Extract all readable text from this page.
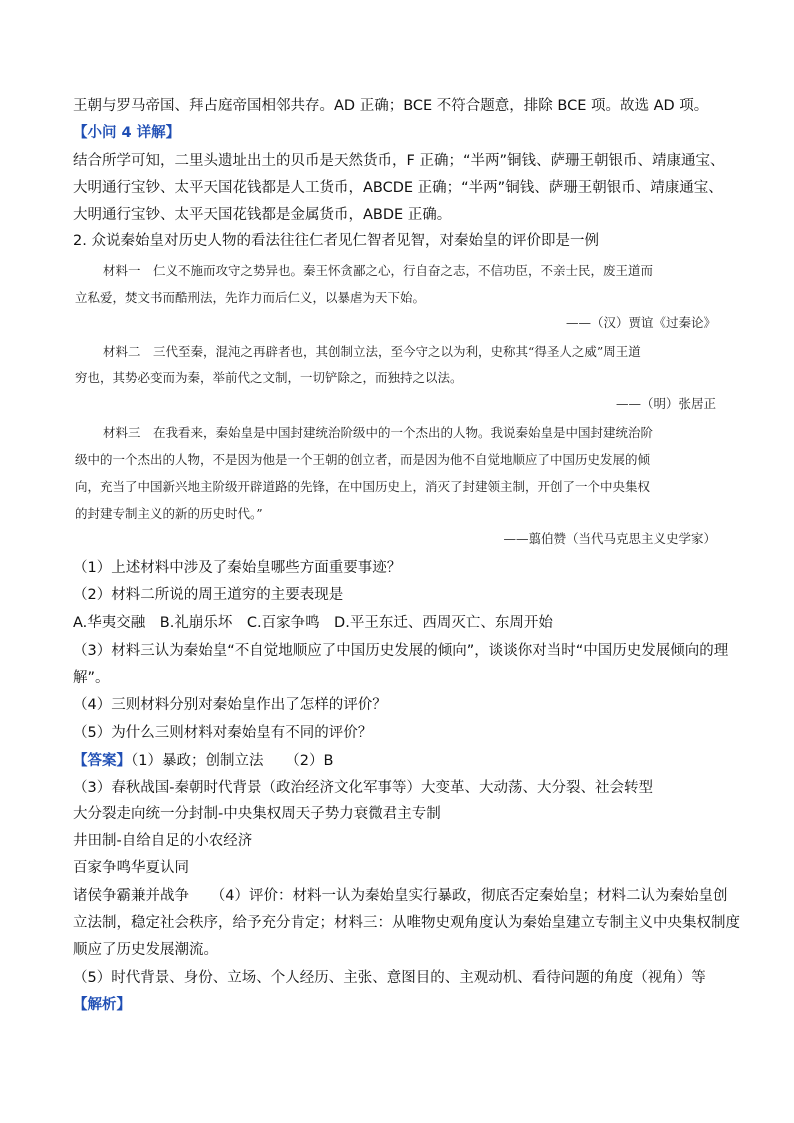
王朝与罗马帝国、拜占庭帝国相邻共存。AD 正确；BCE 不符合题意，排除 BCE 项。故选 AD 项。
【小问 4 详解】
结合所学可知，二里头遗址出土的贝币是天然货币，F 正确；“半两”铜钱、萨珊王朝银币、靖康通宝、
大明通行宝钞、太平天国花钱都是人工货币，ABCDE 正确；“半两”铜钱、萨珊王朝银币、靖康通宝、
大明通行宝钞、太平天国花钱都是金属货币，ABDE 正确。
2. 众说秦始皇对历史人物的看法往往仁者见仁智者见智，对秦始皇的评价即是一例
材料一　仁义不施而攻守之势异也。秦王怀贪鄙之心，行自奋之志，不信功臣，不亲士民，废王道而
立私爱，焚文书而酷刑法，先诈力而后仁义，以暴虐为天下始。
——（汉）贾谊《过秦论》
材料二　三代至秦，混沌之再辟者也，其创制立法，至今守之以为利，史称其“得圣人之威”周王道
穷也，其势必变而为秦，举前代之文制，一切铲除之，而独持之以法。
——（明）张居正
材料三　在我看来，秦始皇是中国封建统治阶级中的一个杰出的人物。我说秦始皇是中国封建统治阶
级中的一个杰出的人物，不是因为他是一个王朝的创立者，而是因为他不自觉地顺应了中国历史发展的倾
向，充当了中国新兴地主阶级开辟道路的先锋，在中国历史上，消灭了封建领主制，开创了一个中央集权
的封建专制主义的新的历史时代。”
——翦伯赞（当代马克思主义史学家）
（1）上述材料中涉及了秦始皇哪些方面重要事迹？
（2）材料二所说的周王道穷的主要表现是
A.华夷交融　B.礼崩乐坏　C.百家争鸣　D.平王东迁、西周灭亡、东周开始
（3）材料三认为秦始皇“不自觉地顺应了中国历史发展的倾向”，谈谈你对当时“中国历史发展倾向的理
解”。
（4）三则材料分别对秦始皇作出了怎样的评价？
（5）为什么三则材料对秦始皇有不同的评价？
【答案】（1）暴政；创制立法　　（2）B
（3）春秋战国-秦朝时代背景（政治经济文化军事等）大变革、大动荡、大分裂、社会转型
大分裂走向统一分封制-中央集权周天子势力衰微君主专制
井田制-自给自足的小农经济
百家争鸣华夏认同
诸侯争霸兼并战争　　（4）评价：材料一认为秦始皇实行暴政，彻底否定秦始皇；材料二认为秦始皇创
立法制，稳定社会秩序，给予充分肯定；材料三：从唯物史观角度认为秦始皇建立专制主义中央集权制度
顺应了历史发展潮流。
（5）时代背景、身份、立场、个人经历、主张、意图目的、主观动机、看待问题的角度（视角）等
【解析】
